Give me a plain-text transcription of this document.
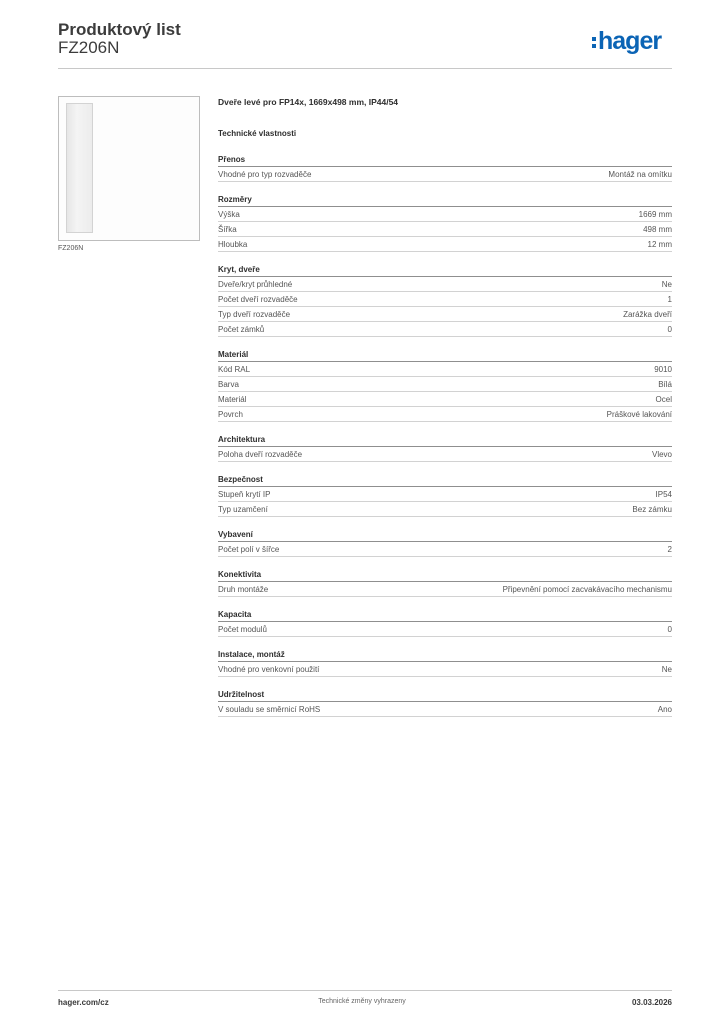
Produktový list
FZ206N	hager
FZ206N
Dveře levé pro FP14x, 1669x498 mm, IP44/54
Technické vlastnosti
Přenos
Vhodné pro typ rozvaděče	Montáž na omítku
Rozměry
Výška	1669 mm
Šířka	498 mm
Hloubka	12 mm
Kryt, dveře
Dveře/kryt průhledné	Ne
Počet dveří rozvaděče	1
Typ dveří rozvaděče	Zarážka dveří
Počet zámků	0
Materiál
Kód RAL	9010
Barva	Bílá
Materiál	Ocel
Povrch	Práškové lakování
Architektura
Poloha dveří rozvaděče	Vlevo
Bezpečnost
Stupeň krytí IP	IP54
Typ uzamčení	Bez zámku
Vybavení
Počet polí v šířce	2
Konektivita
Druh montáže	Připevnění pomocí zacvakávacího mechanismu
Kapacita
Počet modulů	0
Instalace, montáž
Vhodné pro venkovní použití	Ne
Udržitelnost
V souladu se směrnicí RoHS	Ano
hager.com/cz	Technické změny vyhrazeny	03.03.2026
